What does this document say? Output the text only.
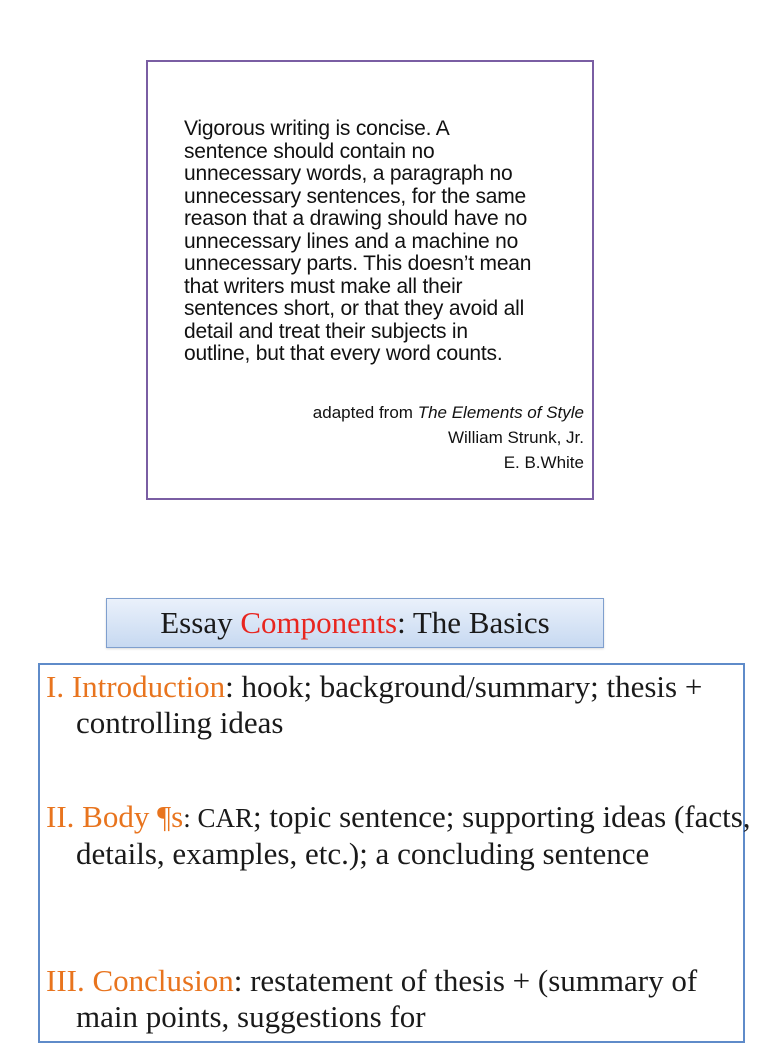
Vigorous writing is concise. A
sentence should contain no
unnecessary words, a paragraph no
unnecessary sentences, for the same
reason that a drawing should have no
unnecessary lines and a machine no
unnecessary parts. This doesn’t mean
that writers must make all their
sentences short, or that they avoid all
detail and treat their subjects in
outline, but that every word counts.
adapted from The Elements of Style
William Strunk, Jr.
E. B.White
Essay Components: The Basics
I. Introduction: hook; background/summary; thesis + controlling ideas
II. Body ¶s: CAR; topic sentence; supporting ideas (facts, details, examples, etc.); a concluding sentence
III. Conclusion: restatement of thesis + (summary of main points, suggestions for
